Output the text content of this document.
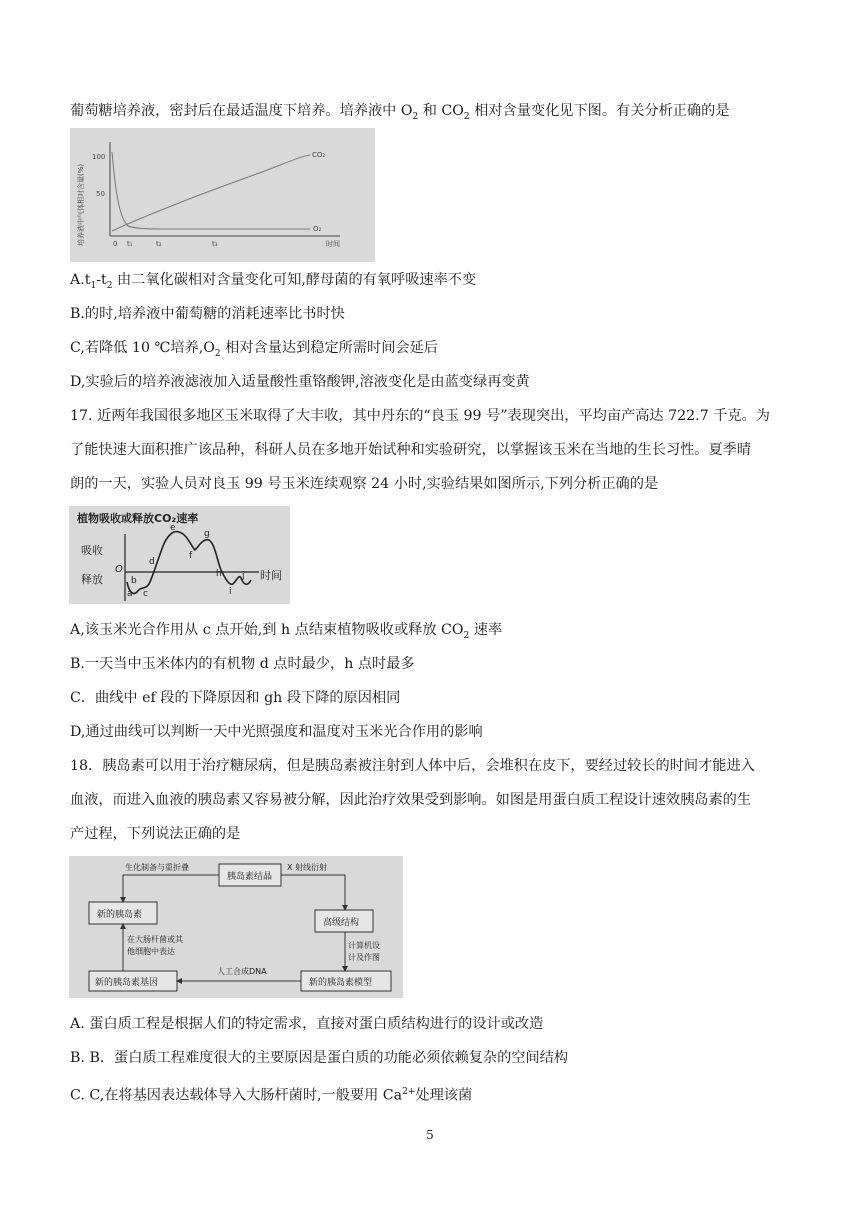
葡萄糖培养液，密封后在最适温度下培养。培养液中 $O_2$ 和 $CO_2$ 相对含量变化见下图。有关分析正确的是
培养液中气体相对含量(%)
100
50
0 t₁	t₂	t₃	时间
CO₂
O₂
$A.t_1-t_2$ 由二氧化碳相对含量变化可知,酵母菌的有氧呼吸速率不变
B.的时,培养液中葡萄糖的消耗速率比书时快
C,若降低 10 ℃培养$,O_2$ 相对含量达到稳定所需时间会延后
D,实验后的培养液滤液加入适量酸性重铬酸钾,溶液变化是由蓝变绿再变黄
17. 近两年我国很多地区玉米取得了大丰收，其中丹东的“良玉 99 号”表现突出，平均亩产高达 722.7 千克。为
了能快速大面积推广该品种，科研人员在多地开始试种和实验研究，以掌握该玉米在当地的生长习性。夏季晴
朗的一天，实验人员对良玉 99 号玉米连续观察 24 小时,实验结果如图所示,下列分析正确的是
植物吸收或释放CO₂速率
吸收
释放
O	时间
a
b
c
d
e
f
g
h
i
j
A,该玉米光合作用从 c 点开始,到 h 点结束植物吸收或释放 $CO_2$ 速率
B.一天当中玉米体内的有机物 d 点时最少，h 点时最多
C．曲线中 ef 段的下降原因和 gh 段下降的原因相同
D,通过曲线可以判断一天中光照强度和温度对玉米光合作用的影响
18．胰岛素可以用于治疗糖尿病，但是胰岛素被注射到人体中后，会堆积在皮下，要经过较长的时间才能进入
血液，而进入血液的胰岛素又容易被分解，因此治疗效果受到影响。如图是用蛋白质工程设计速效胰岛素的生
产过程，下列说法正确的是
胰岛素结晶
新的胰岛素
高级结构
新的胰岛素基因	新的胰岛素模型
生化制备与重折叠	X 射线衍射
计算机设
计及作图
人工合成DNA
在大肠杆菌或其
他细胞中表达
A. 蛋白质工程是根据人们的特定需求，直接对蛋白质结构进行的设计或改造
B. B．蛋白质工程难度很大的主要原因是蛋白质的功能必须依赖复杂的空间结构
C. C,在将基因表达载体导入大肠杆菌时,一般要用 $Ca^{2+}$处理该菌
5
